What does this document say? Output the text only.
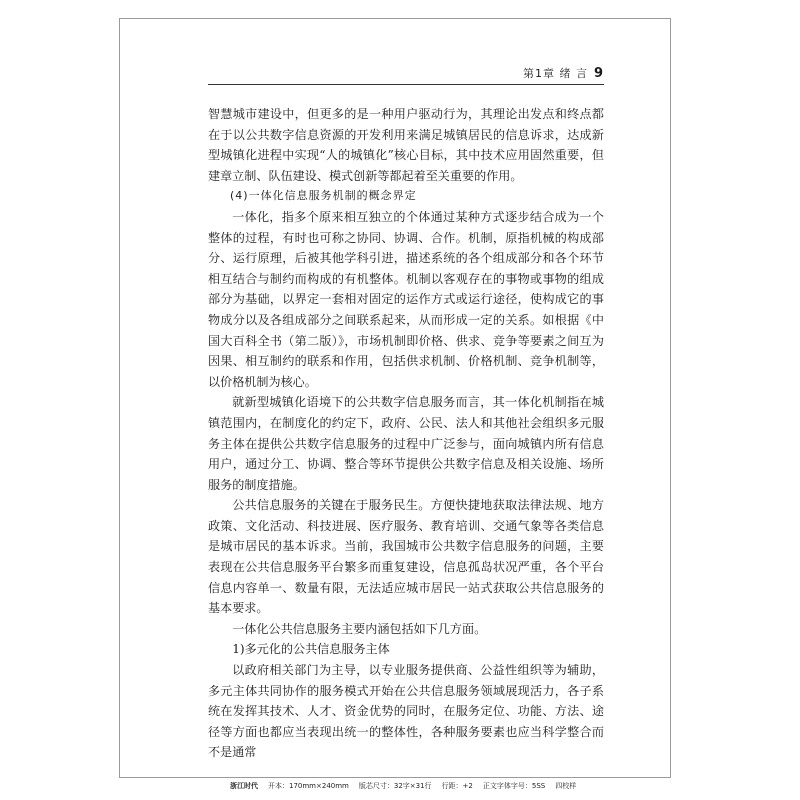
第1章 绪 言 9

智慧城市建设中，但更多的是一种用户驱动行为，其理论出发点和终点都在于以公共数字信息资源的开发利用来满足城镇居民的信息诉求，达成新型城镇化进程中实现“人的城镇化”核心目标，其中技术应用固然重要，但建章立制、队伍建设、模式创新等都起着至关重要的作用。

(4)一体化信息服务机制的概念界定

一体化，指多个原来相互独立的个体通过某种方式逐步结合成为一个整体的过程，有时也可称之协同、协调、合作。机制，原指机械的构成部分、运行原理，后被其他学科引进，描述系统的各个组成部分和各个环节相互结合与制约而构成的有机整体。机制以客观存在的事物或事物的组成部分为基础，以界定一套相对固定的运作方式或运行途径，使构成它的事物成分以及各组成部分之间联系起来，从而形成一定的关系。如根据《中国大百科全书（第二版）》，市场机制即价格、供求、竞争等要素之间互为因果、相互制约的联系和作用，包括供求机制、价格机制、竞争机制等，以价格机制为核心。

就新型城镇化语境下的公共数字信息服务而言，其一体化机制指在城镇范围内，在制度化的约定下，政府、公民、法人和其他社会组织多元服务主体在提供公共数字信息服务的过程中广泛参与，面向城镇内所有信息用户，通过分工、协调、整合等环节提供公共数字信息及相关设施、场所服务的制度措施。

公共信息服务的关键在于服务民生。方便快捷地获取法律法规、地方政策、文化活动、科技进展、医疗服务、教育培训、交通气象等各类信息是城市居民的基本诉求。当前，我国城市公共数字信息服务的问题，主要表现在公共信息服务平台繁多而重复建设，信息孤岛状况严重，各个平台信息内容单一、数量有限，无法适应城市居民一站式获取公共信息服务的基本要求。

一体化公共信息服务主要内涵包括如下几方面。

1)多元化的公共信息服务主体

以政府相关部门为主导，以专业服务提供商、公益性组织等为辅助，多元主体共同协作的服务模式开始在公共信息服务领域展现活力，各子系统在发挥其技术、人才、资金优势的同时，在服务定位、功能、方法、途径等方面也都应当表现出统一的整体性，各种服务要素也应当科学整合而不是通常

浙江时代 开本：170mm×240mm 版芯尺寸：32字×31行 行距：+2 正文字体字号：5SS 四校样
